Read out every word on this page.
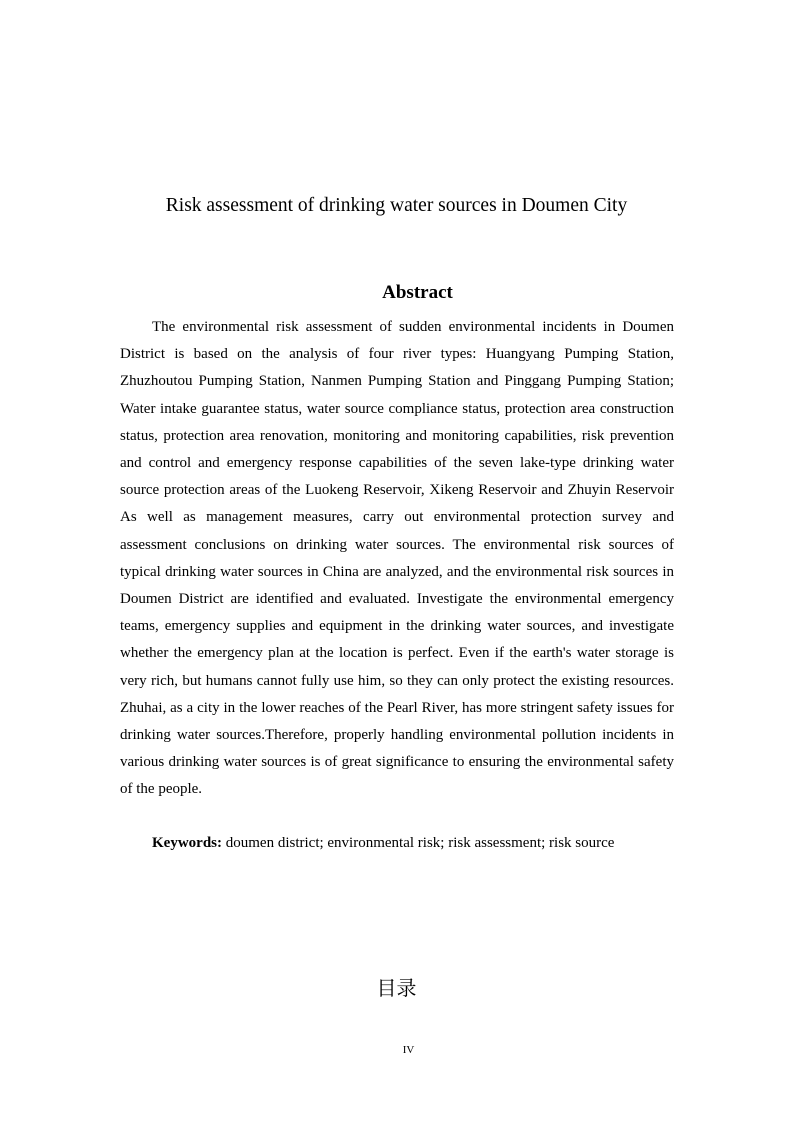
Risk assessment of drinking water sources in Doumen City
Abstract

The environmental risk assessment of sudden environmental incidents in Doumen District is based on the analysis of four river types: Huangyang Pumping Station, Zhuzhoutou Pumping Station, Nanmen Pumping Station and Pinggang Pumping Station; Water intake guarantee status, water source compliance status, protection area construction status, protection area renovation, monitoring and monitoring capabilities, risk prevention and control and emergency response capabilities of the seven lake-type drinking water source protection areas of the Luokeng Reservoir, Xikeng Reservoir and Zhuyin Reservoir As well as management measures, carry out environmental protection survey and assessment conclusions on drinking water sources. The environmental risk sources of typical drinking water sources in China are analyzed, and the environmental risk sources in Doumen District are identified and evaluated. Investigate the environmental emergency teams, emergency supplies and equipment in the drinking water sources, and investigate whether the emergency plan at the location is perfect. Even if the earth's water storage is very rich, but humans cannot fully use him, so they can only protect the existing resources. Zhuhai, as a city in the lower reaches of the Pearl River, has more stringent safety issues for drinking water sources.Therefore, properly handling environmental pollution incidents in various drinking water sources is of great significance to ensuring the environmental safety of the people.

Keywords: doumen district; environmental risk; risk assessment; risk source

目录
IV
